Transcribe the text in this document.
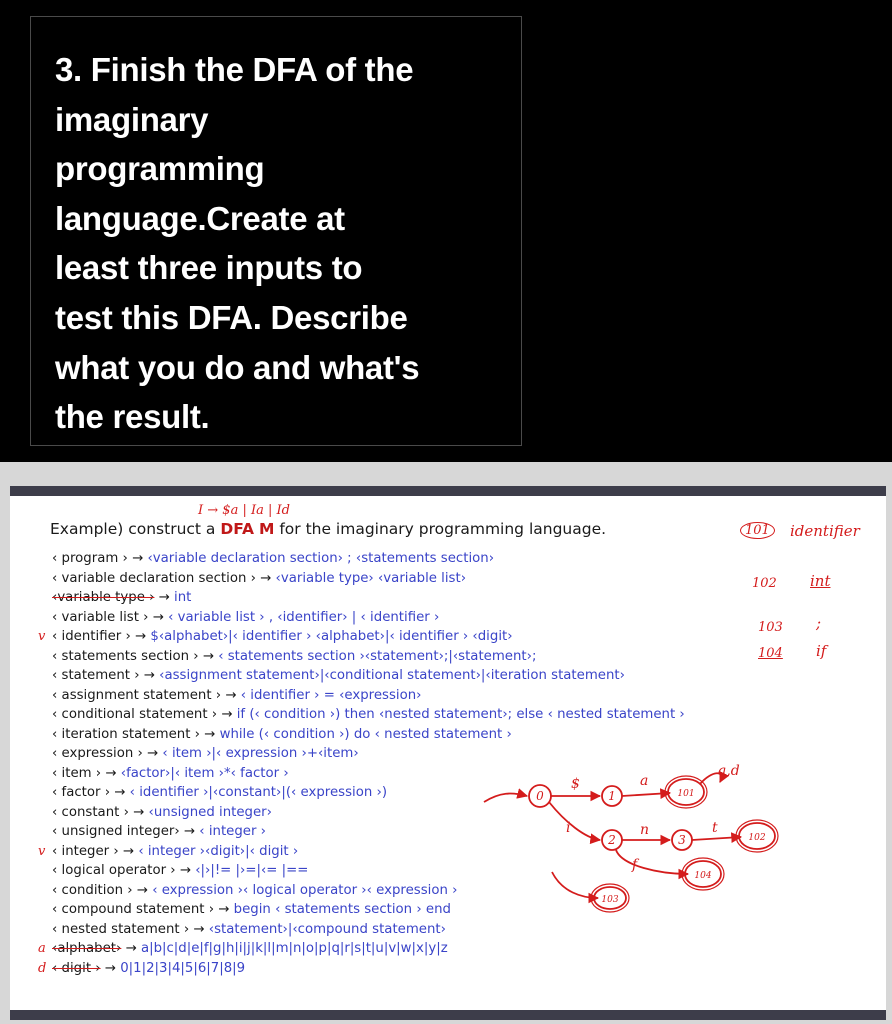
3. Finish the DFA of the
imaginary
programming
language.Create at
least three inputs to
test this DFA. Describe
what you do and what's
the result.
I → $a | Ia | Id
Example) construct a DFA M for the imaginary programming language.
‹ program › → ‹variable declaration section› ; ‹statements section›
‹ variable declaration section › → ‹variable type› ‹variable list›
‹variable type › → int
‹ variable list › → ‹ variable list › , ‹identifier› | ‹ identifier ›
v ‹ identifier › → $‹alphabet›|‹ identifier › ‹alphabet›|‹ identifier › ‹digit›
‹ statements section › → ‹ statements section ›‹statement›;|‹statement›;
‹ statement › → ‹assignment statement›|‹conditional statement›|‹iteration statement›
‹ assignment statement › → ‹ identifier › = ‹expression›
‹ conditional statement › → if (‹ condition ›) then ‹nested statement›; else ‹ nested statement ›
‹ iteration statement › → while (‹ condition ›) do ‹ nested statement ›
‹ expression › → ‹ item ›|‹ expression ›+‹item›
‹ item › → ‹factor›|‹ item ›*‹ factor ›
‹ factor › → ‹ identifier ›|‹constant›|(‹ expression ›)
‹ constant › → ‹unsigned integer›
‹ unsigned integer› → ‹ integer ›
v ‹ integer › → ‹ integer ›‹digit›|‹ digit ›
‹ logical operator › → ‹|›|!= |›=|‹= |==
‹ condition › → ‹ expression ›‹ logical operator ›‹ expression ›
‹ compound statement › → begin ‹ statements section › end
‹ nested statement › → ‹statement›|‹compound statement›
a ‹alphabet› → a|b|c|d|e|f|g|h|i|j|k|l|m|n|o|p|q|r|s|t|u|v|w|x|y|z
d ‹ digit › → 0|1|2|3|4|5|6|7|8|9
101	identifier
102 int
103 ;
104 if
0	1	101
2	3	102
104
103
$	a
a,d
i	n	t
f
